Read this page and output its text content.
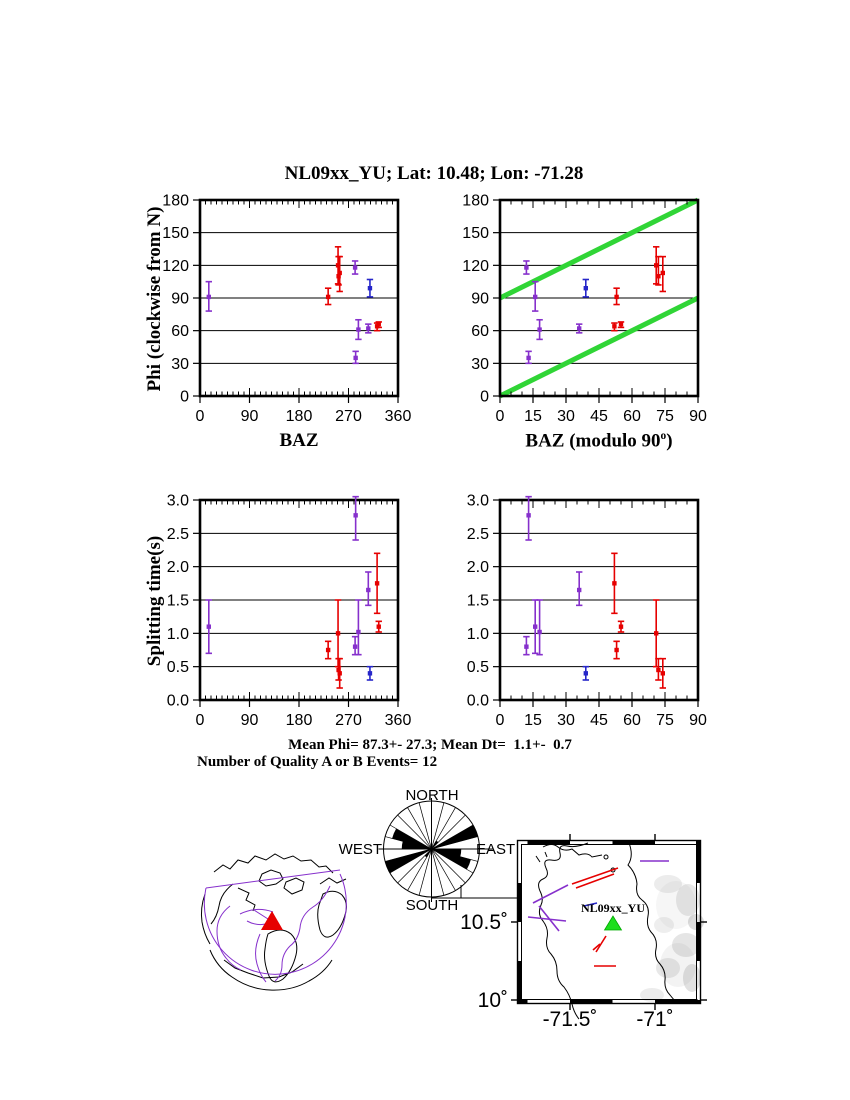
NL09xx_YU; Lat: 10.48; Lon: -71.28
BAZ	BAZ (modulo 90$^o$)
Phi (clockwise from N)
Splitting time(s)
Mean Phi= 87.3+- 27.3; Mean Dt=  1.1+-  0.7
Number of Quality A or B Events= 12
NORTH
SOUTH
WEST	EAST
-71.5˚	-71˚
10.5˚
10˚
NL09xx_YU
0 90 180 270 360
0
30
60
90
120
150
180
0 15 30 45 60 75 90
0
30
60
90
120
150
180
0 90 180 270 360
0.0
0.5
1.0
1.5
2.0
2.5
3.0
0 15 30 45 60 75 90
0.0
0.5
1.0
1.5
2.0
2.5
3.0
